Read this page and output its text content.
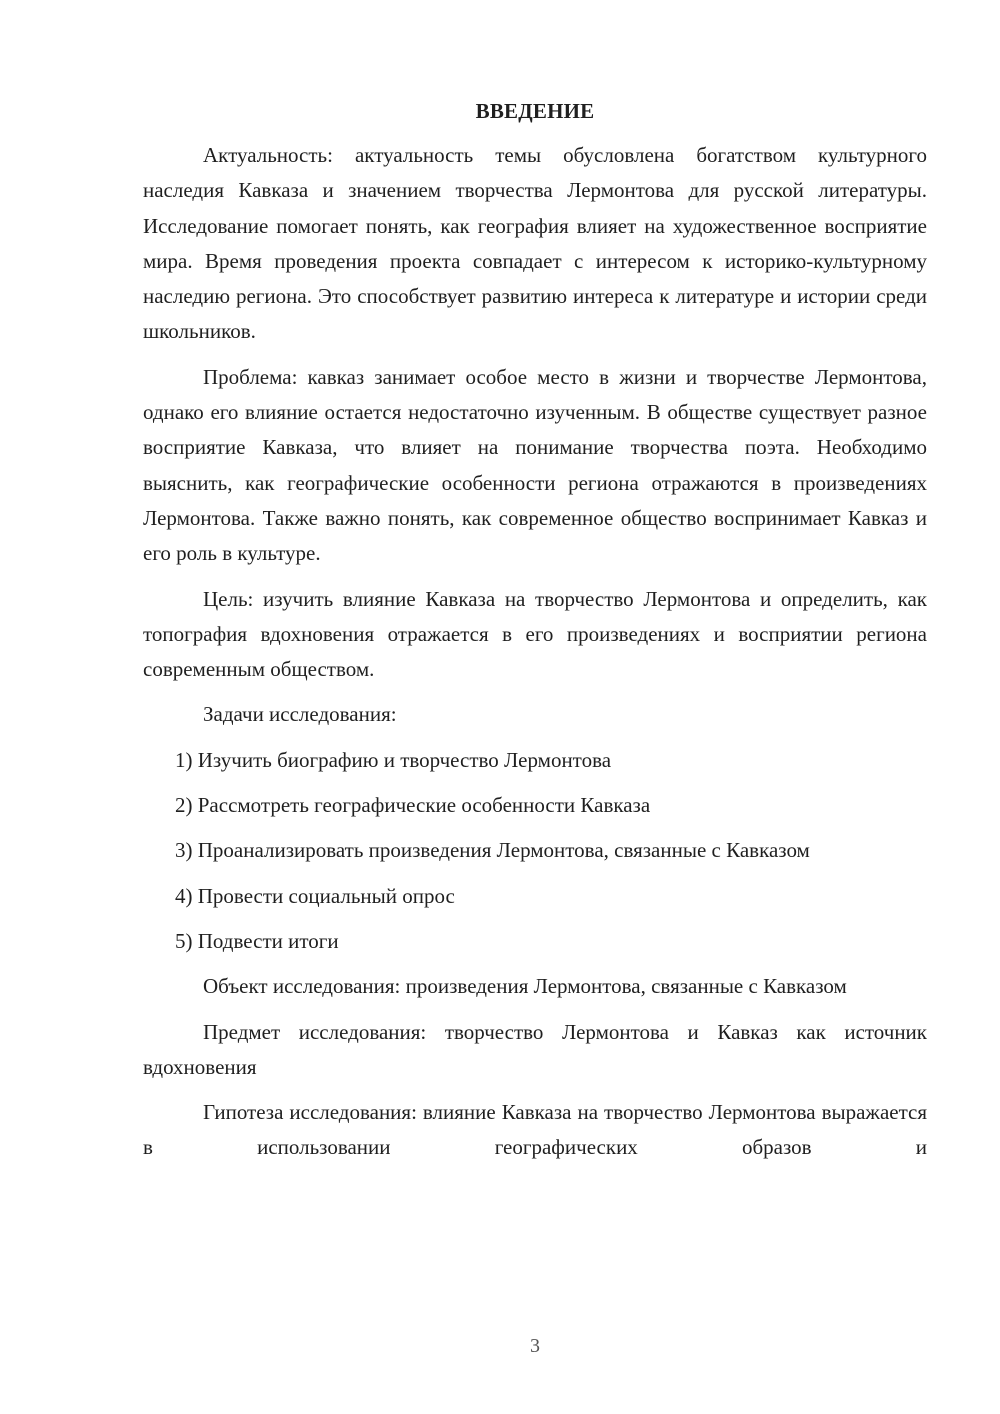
ВВЕДЕНИЕ

Актуальность: актуальность темы обусловлена богатством культурного наследия Кавказа и значением творчества Лермонтова для русской литературы. Исследование помогает понять, как география влияет на художественное восприятие мира. Время проведения проекта совпадает с интересом к историко-культурному наследию региона. Это способствует развитию интереса к литературе и истории среди школьников.

Проблема: кавказ занимает особое место в жизни и творчестве Лермонтова, однако его влияние остается недостаточно изученным. В обществе существует разное восприятие Кавказа, что влияет на понимание творчества поэта. Необходимо выяснить, как географические особенности региона отражаются в произведениях Лермонтова. Также важно понять, как современное общество воспринимает Кавказ и его роль в культуре.

Цель: изучить влияние Кавказа на творчество Лермонтова и определить, как топография вдохновения отражается в его произведениях и восприятии региона современным обществом.

Задачи исследования:

1) Изучить биографию и творчество Лермонтова

2) Рассмотреть географические особенности Кавказа

3) Проанализировать произведения Лермонтова, связанные с Кавказом

4) Провести социальный опрос

5) Подвести итоги

Объект исследования: произведения Лермонтова, связанные с Кавказом

Предмет исследования: творчество Лермонтова и Кавказ как источник вдохновения

Гипотеза исследования: влияние Кавказа на творчество Лермонтова выражается в использовании географических образов и

3
